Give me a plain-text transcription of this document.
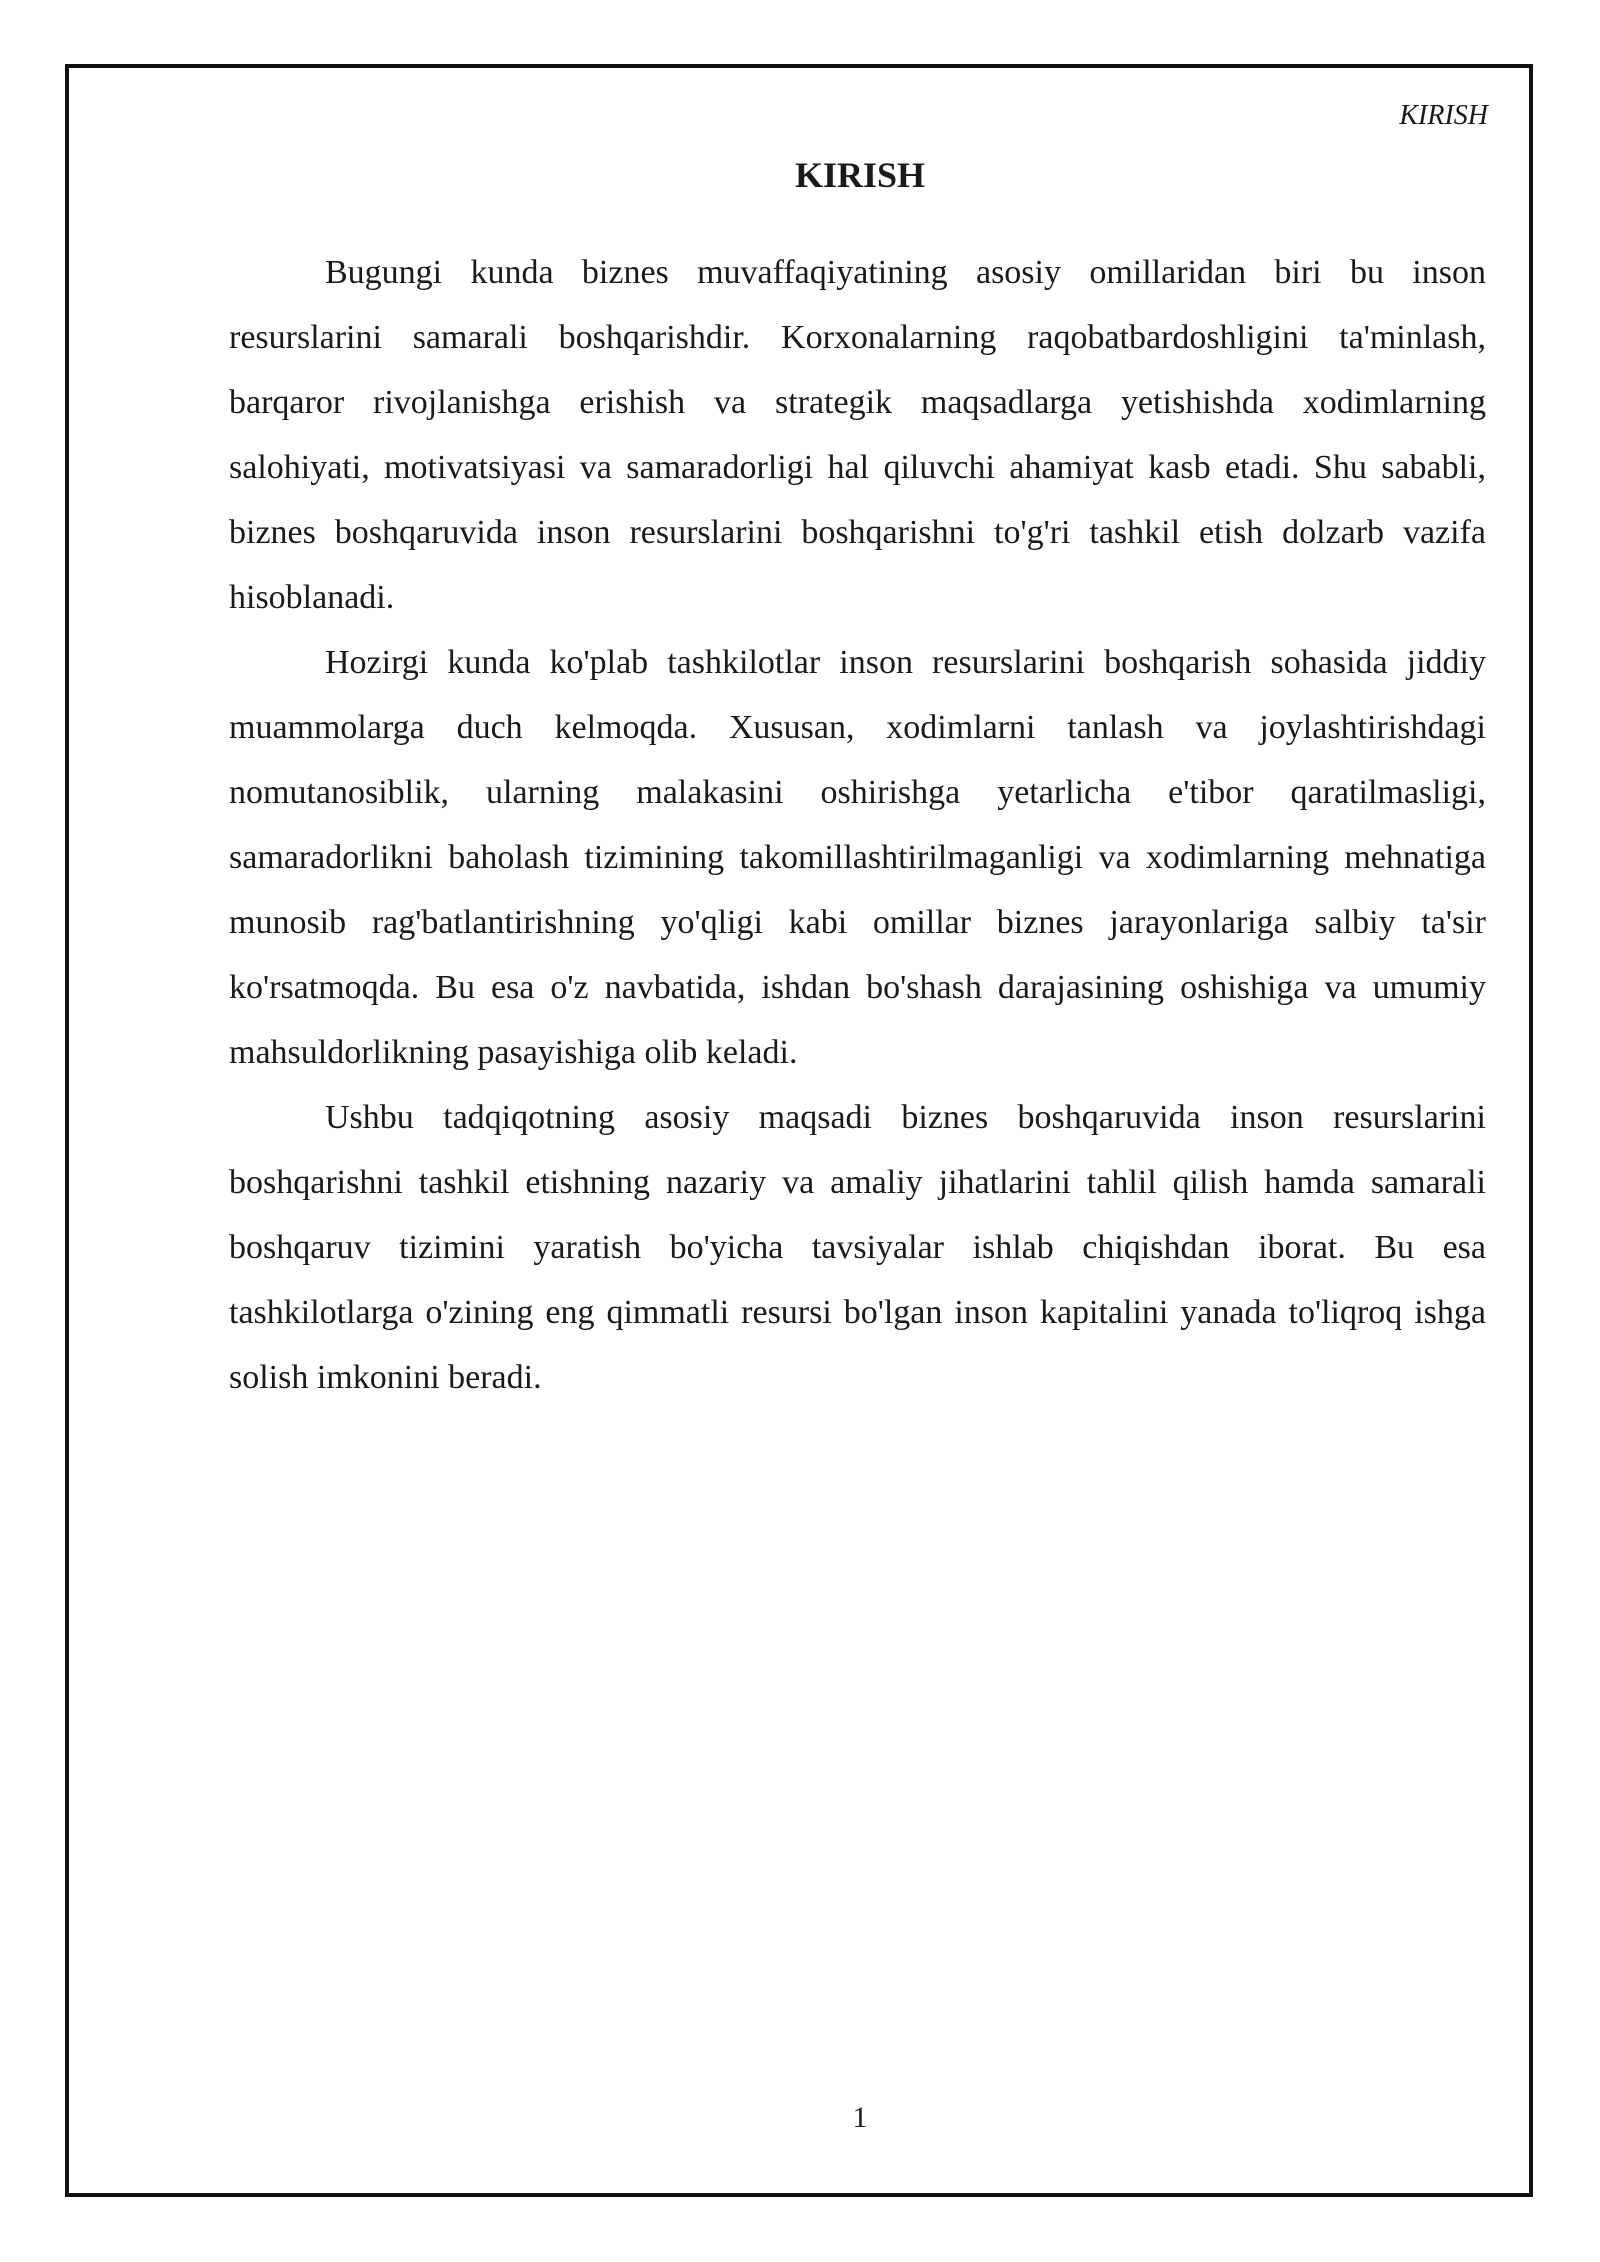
KIRISH
KIRISH

Bugungi kunda biznes muvaffaqiyatining asosiy omillaridan biri bu inson resurslarini samarali boshqarishdir. Korxonalarning raqobatbardoshligini ta'minlash, barqaror rivojlanishga erishish va strategik maqsadlarga yetishishda xodimlarning salohiyati, motivatsiyasi va samaradorligi hal qiluvchi ahamiyat kasb etadi. Shu sababli, biznes boshqaruvida inson resurslarini boshqarishni to'g'ri tashkil etish dolzarb vazifa hisoblanadi.

Hozirgi kunda ko'plab tashkilotlar inson resurslarini boshqarish sohasida jiddiy muammolarga duch kelmoqda. Xususan, xodimlarni tanlash va joylashtirishdagi nomutanosiblik, ularning malakasini oshirishga yetarlicha e'tibor qaratilmasligi, samaradorlikni baholash tizimining takomillashtirilmaganligi va xodimlarning mehnatiga munosib rag'batlantirishning yo'qligi kabi omillar biznes jarayonlariga salbiy ta'sir ko'rsatmoqda. Bu esa o'z navbatida, ishdan bo'shash darajasining oshishiga va umumiy mahsuldorlikning pasayishiga olib keladi.

Ushbu tadqiqotning asosiy maqsadi biznes boshqaruvida inson resurslarini boshqarishni tashkil etishning nazariy va amaliy jihatlarini tahlil qilish hamda samarali boshqaruv tizimini yaratish bo'yicha tavsiyalar ishlab chiqishdan iborat. Bu esa tashkilotlarga o'zining eng qimmatli resursi bo'lgan inson kapitalini yanada to'liqroq ishga solish imkonini beradi.

1
